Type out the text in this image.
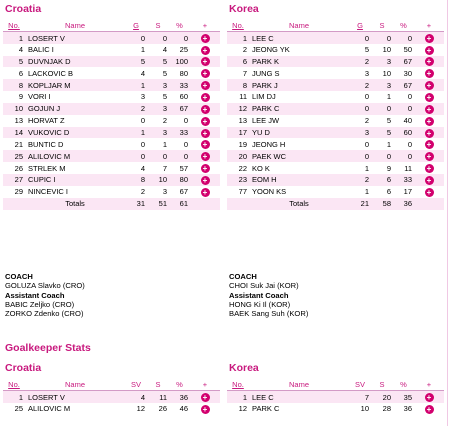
Croatia
No.	Name	G	S	%	+
1	LOSERT V	0	0	0	+
4	BALIC I	1	4	25	+
5	DUVNJAK D	5	5	100	+
6	LACKOVIC B	4	5	80	+
8	KOPLJAR M	1	3	33	+
9	VORI I	3	5	60	+
10	GOJUN J	2	3	67	+
13	HORVAT Z	0	2	0	+
14	VUKOVIC D	1	3	33	+
21	BUNTIC D	0	1	0	+
25	ALILOVIC M	0	0	0	+
26	STRLEK M	4	7	57	+
27	CUPIC I	8	10	80	+
29	NINCEVIC I	2	3	67	+
	Totals	31	51	61	
Korea
No.	Name	G	S	%	+
1	LEE C	0	0	0	+
2	JEONG YK	5	10	50	+
6	PARK K	2	3	67	+
7	JUNG S	3	10	30	+
8	PARK J	2	3	67	+
11	LIM DJ	0	1	0	+
12	PARK C	0	0	0	+
13	LEE JW	2	5	40	+
17	YU D	3	5	60	+
19	JEONG H	0	1	0	+
20	PAEK WC	0	0	0	+
22	KO K	1	9	11	+
23	EOM H	2	6	33	+
77	YOON KS	1	6	17	+
	Totals	21	58	36	
COACH
GOLUZA Slavko (CRO)
Assistant Coach
BABIC Zeljko (CRO)
ZORKO Zdenko (CRO)
COACH
CHOI Suk Jai (KOR)
Assistant Coach
HONG Ki Il (KOR)
BAEK Sang Suh (KOR)
Goalkeeper Stats
Croatia
No.	Name	SV	S	%	+
1	LOSERT V	4	11	36	+
25	ALILOVIC M	12	26	46	+
Korea
No.	Name	SV	S	%	+
1	LEE C	7	20	35	+
12	PARK C	10	28	36	+
